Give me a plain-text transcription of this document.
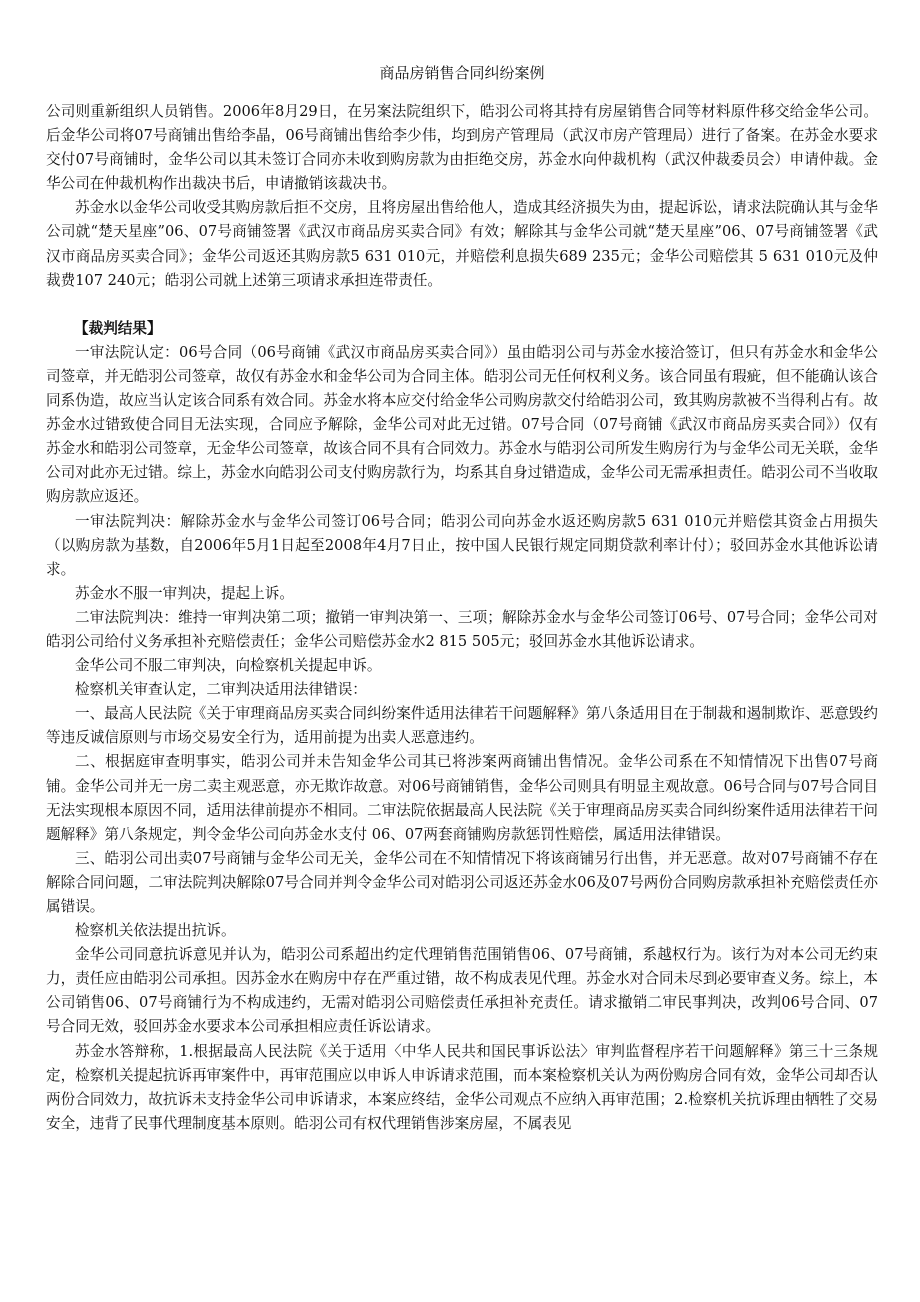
商品房销售合同纠纷案例

公司则重新组织人员销售。2006年8月29日，在另案法院组织下，皓羽公司将其持有房屋销售合同等材料原件移交给金华公司。后金华公司将07号商铺出售给李晶，06号商铺出售给李少伟，均到房产管理局（武汉市房产管理局）进行了备案。在苏金水要求交付07号商铺时，金华公司以其未签订合同亦未收到购房款为由拒绝交房，苏金水向仲裁机构（武汉仲裁委员会）申请仲裁。金华公司在仲裁机构作出裁决书后，申请撤销该裁决书。

苏金水以金华公司收受其购房款后拒不交房，且将房屋出售给他人，造成其经济损失为由，提起诉讼，请求法院确认其与金华公司就“楚天星座”06、07号商铺签署《武汉市商品房买卖合同》有效；解除其与金华公司就“楚天星座”06、07号商铺签署《武汉市商品房买卖合同》；金华公司返还其购房款5 631 010元，并赔偿利息损失689 235元；金华公司赔偿其 5 631 010元及仲裁费107 240元；皓羽公司就上述第三项请求承担连带责任。

【裁判结果】

一审法院认定：06号合同（06号商铺《武汉市商品房买卖合同》）虽由皓羽公司与苏金水接洽签订，但只有苏金水和金华公司签章，并无皓羽公司签章，故仅有苏金水和金华公司为合同主体。皓羽公司无任何权利义务。该合同虽有瑕疵，但不能确认该合同系伪造，故应当认定该合同系有效合同。苏金水将本应交付给金华公司购房款交付给皓羽公司，致其购房款被不当得利占有。故苏金水过错致使合同目无法实现，合同应予解除，金华公司对此无过错。07号合同（07号商铺《武汉市商品房买卖合同》）仅有苏金水和皓羽公司签章，无金华公司签章，故该合同不具有合同效力。苏金水与皓羽公司所发生购房行为与金华公司无关联，金华公司对此亦无过错。综上，苏金水向皓羽公司支付购房款行为，均系其自身过错造成，金华公司无需承担责任。皓羽公司不当收取购房款应返还。

一审法院判决：解除苏金水与金华公司签订06号合同；皓羽公司向苏金水返还购房款5 631 010元并赔偿其资金占用损失（以购房款为基数，自2006年5月1日起至2008年4月7日止，按中国人民银行规定同期贷款利率计付）；驳回苏金水其他诉讼请求。

苏金水不服一审判决，提起上诉。

二审法院判决：维持一审判决第二项；撤销一审判决第一、三项；解除苏金水与金华公司签订06号、07号合同；金华公司对皓羽公司给付义务承担补充赔偿责任；金华公司赔偿苏金水2 815 505元；驳回苏金水其他诉讼请求。

金华公司不服二审判决，向检察机关提起申诉。

检察机关审查认定，二审判决适用法律错误：

一、最高人民法院《关于审理商品房买卖合同纠纷案件适用法律若干问题解释》第八条适用目在于制裁和遏制欺诈、恶意毁约等违反诚信原则与市场交易安全行为，适用前提为出卖人恶意违约。

二、根据庭审查明事实，皓羽公司并未告知金华公司其已将涉案两商铺出售情况。金华公司系在不知情情况下出售07号商铺。金华公司并无一房二卖主观恶意，亦无欺诈故意。对06号商铺销售，金华公司则具有明显主观故意。06号合同与07号合同目无法实现根本原因不同，适用法律前提亦不相同。二审法院依据最高人民法院《关于审理商品房买卖合同纠纷案件适用法律若干问题解释》第八条规定，判令金华公司向苏金水支付 06、07两套商铺购房款惩罚性赔偿，属适用法律错误。

三、皓羽公司出卖07号商铺与金华公司无关，金华公司在不知情情况下将该商铺另行出售，并无恶意。故对07号商铺不存在解除合同问题，二审法院判决解除07号合同并判令金华公司对皓羽公司返还苏金水06及07号两份合同购房款承担补充赔偿责任亦属错误。

检察机关依法提出抗诉。

金华公司同意抗诉意见并认为，皓羽公司系超出约定代理销售范围销售06、07号商铺，系越权行为。该行为对本公司无约束力，责任应由皓羽公司承担。因苏金水在购房中存在严重过错，故不构成表见代理。苏金水对合同未尽到必要审查义务。综上，本公司销售06、07号商铺行为不构成违约，无需对皓羽公司赔偿责任承担补充责任。请求撤销二审民事判决，改判06号合同、07号合同无效，驳回苏金水要求本公司承担相应责任诉讼请求。

苏金水答辩称，1.根据最高人民法院《关于适用〈中华人民共和国民事诉讼法〉审判监督程序若干问题解释》第三十三条规定，检察机关提起抗诉再审案件中，再审范围应以申诉人申诉请求范围，而本案检察机关认为两份购房合同有效，金华公司却否认两份合同效力，故抗诉未支持金华公司申诉请求，本案应终结，金华公司观点不应纳入再审范围；2.检察机关抗诉理由牺牲了交易安全，违背了民事代理制度基本原则。皓羽公司有权代理销售涉案房屋，不属表见
